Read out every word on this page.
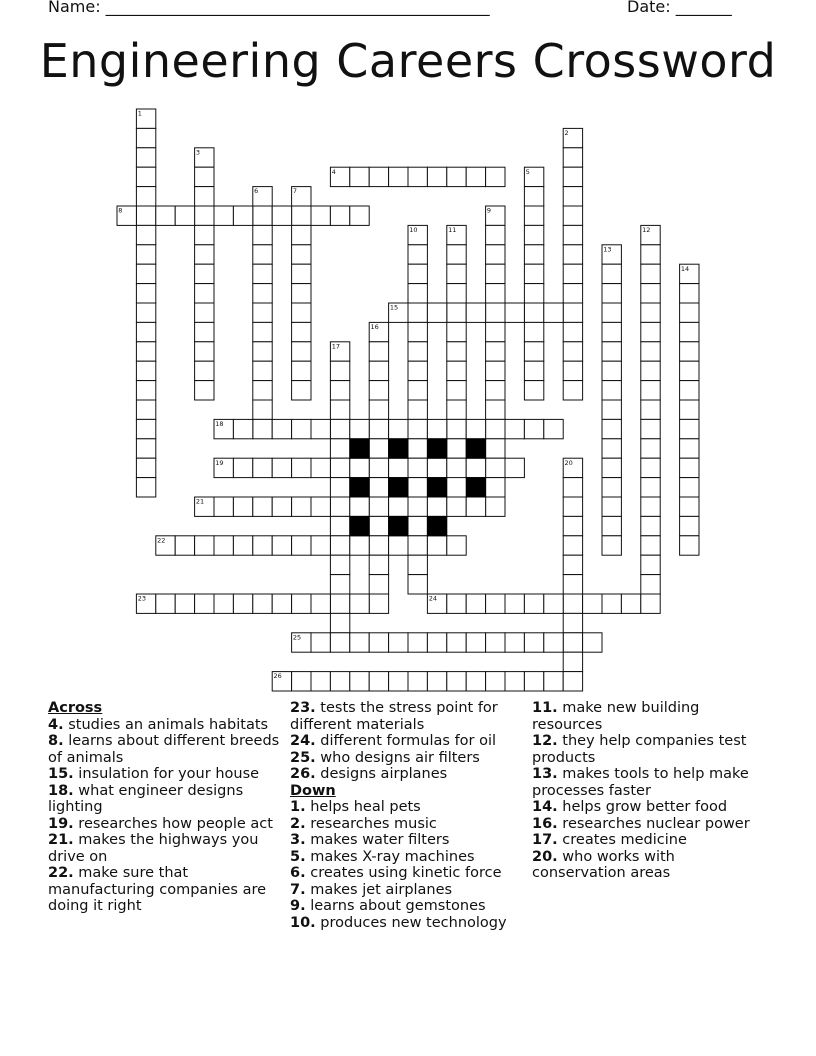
Name: ________________________________________________	Date: _______
Engineering Careers Crossword
1
2
3
4	5
6	7
8	9
10	11	12
13
14
15
16
17
18
19	20
21
22
23	24
25
26

Across

4. studies an animals habitats

8. learns about different breeds of animals

15. insulation for your house

18. what engineer designs lighting

19. researches how people act

21. makes the highways you drive on

22. make sure that manufacturing companies are doing it right

23. tests the stress point for different materials

24. different formulas for oil

25. who designs air filters

26. designs airplanes

Down

1. helps heal pets

2. researches music

3. makes water filters

5. makes X-ray machines

6. creates using kinetic force

7. makes jet airplanes

9. learns about gemstones

10. produces new technology

11. make new building resources

12. they help companies test products

13. makes tools to help make processes faster

14. helps grow better food

16. researches nuclear power

17. creates medicine

20. who works with conservation areas
